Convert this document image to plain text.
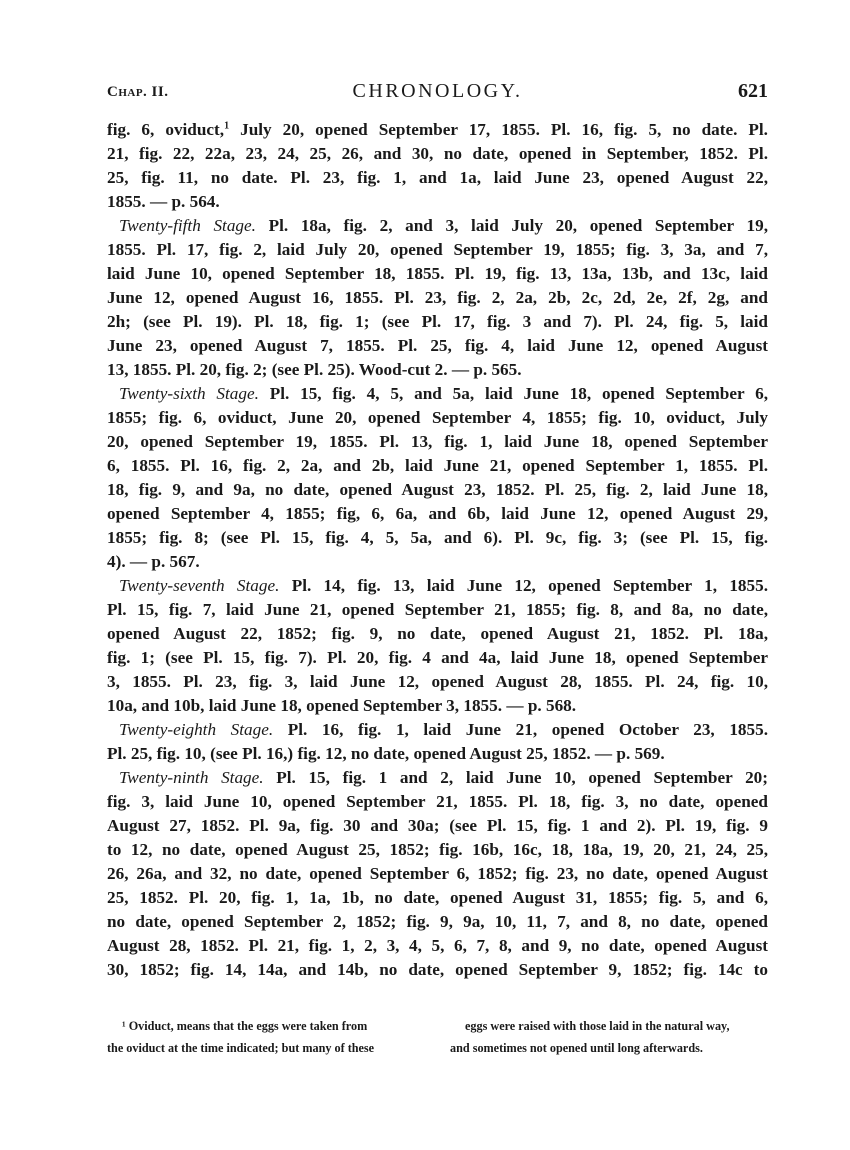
Chap. II.	CHRONOLOGY.	621

fig. 6, oviduct,$^1$ July 20, opened September 17, 1855. Pl. 16, fig. 5, no date. Pl.

21, fig. 22, 22a, 23, 24, 25, 26, and 30, no date, opened in September, 1852. Pl.

25, fig. 11, no date. Pl. 23, fig. 1, and 1a, laid June 23, opened August 22,

1855. — p. 564.

Twenty-fifth Stage. Pl. 18a, fig. 2, and 3, laid July 20, opened September 19,

1855. Pl. 17, fig. 2, laid July 20, opened September 19, 1855; fig. 3, 3a, and 7,

laid June 10, opened September 18, 1855. Pl. 19, fig. 13, 13a, 13b, and 13c, laid

June 12, opened August 16, 1855. Pl. 23, fig. 2, 2a, 2b, 2c, 2d, 2e, 2f, 2g, and

2h; (see Pl. 19). Pl. 18, fig. 1; (see Pl. 17, fig. 3 and 7). Pl. 24, fig. 5, laid

June 23, opened August 7, 1855. Pl. 25, fig. 4, laid June 12, opened August

13, 1855. Pl. 20, fig. 2; (see Pl. 25). Wood-cut 2. — p. 565.

Twenty-sixth Stage. Pl. 15, fig. 4, 5, and 5a, laid June 18, opened September 6,

1855; fig. 6, oviduct, June 20, opened September 4, 1855; fig. 10, oviduct, July

20, opened September 19, 1855. Pl. 13, fig. 1, laid June 18, opened September

6, 1855. Pl. 16, fig. 2, 2a, and 2b, laid June 21, opened September 1, 1855. Pl.

18, fig. 9, and 9a, no date, opened August 23, 1852. Pl. 25, fig. 2, laid June 18,

opened September 4, 1855; fig, 6, 6a, and 6b, laid June 12, opened August 29,

1855; fig. 8; (see Pl. 15, fig. 4, 5, 5a, and 6). Pl. 9c, fig. 3; (see Pl. 15, fig.

4). — p. 567.

Twenty-seventh Stage. Pl. 14, fig. 13, laid June 12, opened September 1, 1855.

Pl. 15, fig. 7, laid June 21, opened September 21, 1855; fig. 8, and 8a, no date,

opened August 22, 1852; fig. 9, no date, opened August 21, 1852. Pl. 18a,

fig. 1; (see Pl. 15, fig. 7). Pl. 20, fig. 4 and 4a, laid June 18, opened September

3, 1855. Pl. 23, fig. 3, laid June 12, opened August 28, 1855. Pl. 24, fig. 10,

10a, and 10b, laid June 18, opened September 3, 1855. — p. 568.

Twenty-eighth Stage. Pl. 16, fig. 1, laid June 21, opened October 23, 1855.

Pl. 25, fig. 10, (see Pl. 16,) fig. 12, no date, opened August 25, 1852. — p. 569.

Twenty-ninth Stage. Pl. 15, fig. 1 and 2, laid June 10, opened September 20;

fig. 3, laid June 10, opened September 21, 1855. Pl. 18, fig. 3, no date, opened

August 27, 1852. Pl. 9a, fig. 30 and 30a; (see Pl. 15, fig. 1 and 2). Pl. 19, fig. 9

to 12, no date, opened August 25, 1852; fig. 16b, 16c, 18, 18a, 19, 20, 21, 24, 25,

26, 26a, and 32, no date, opened September 6, 1852; fig. 23, no date, opened August

25, 1852. Pl. 20, fig. 1, 1a, 1b, no date, opened August 31, 1855; fig. 5, and 6,

no date, opened September 2, 1852; fig. 9, 9a, 10, 11, 7, and 8, no date, opened

August 28, 1852. Pl. 21, fig. 1, 2, 3, 4, 5, 6, 7, 8, and 9, no date, opened August

30, 1852; fig. 14, 14a, and 14b, no date, opened September 9, 1852; fig. 14c to

¹ Oviduct, means that the eggs were taken from

the oviduct at the time indicated; but many of these

eggs were raised with those laid in the natural way,

and sometimes not opened until long afterwards.
